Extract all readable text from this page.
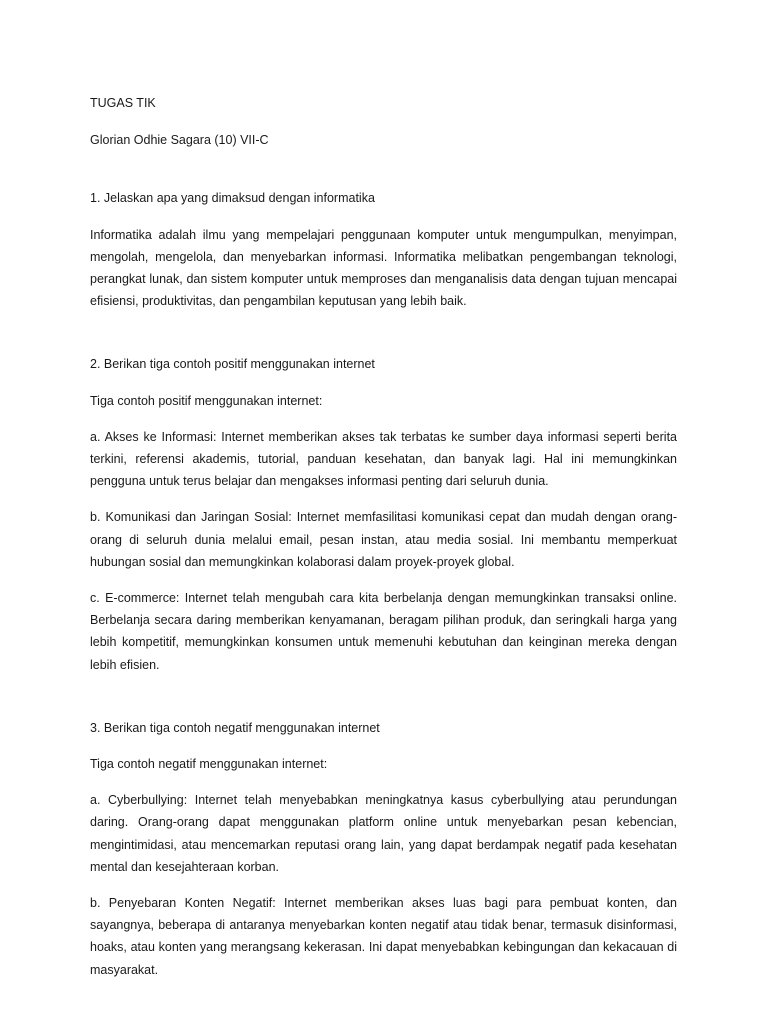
TUGAS TIK

Glorian Odhie Sagara (10) VII-C

1. Jelaskan apa yang dimaksud dengan informatika

Informatika adalah ilmu yang mempelajari penggunaan komputer untuk mengumpulkan, menyimpan, mengolah, mengelola, dan menyebarkan informasi. Informatika melibatkan pengembangan teknologi, perangkat lunak, dan sistem komputer untuk memproses dan menganalisis data dengan tujuan mencapai efisiensi, produktivitas, dan pengambilan keputusan yang lebih baik.

2. Berikan tiga contoh positif menggunakan internet

Tiga contoh positif menggunakan internet:

a. Akses ke Informasi: Internet memberikan akses tak terbatas ke sumber daya informasi seperti berita terkini, referensi akademis, tutorial, panduan kesehatan, dan banyak lagi. Hal ini memungkinkan pengguna untuk terus belajar dan mengakses informasi penting dari seluruh dunia.

b. Komunikasi dan Jaringan Sosial: Internet memfasilitasi komunikasi cepat dan mudah dengan orang-orang di seluruh dunia melalui email, pesan instan, atau media sosial. Ini membantu memperkuat hubungan sosial dan memungkinkan kolaborasi dalam proyek-proyek global.

c. E-commerce: Internet telah mengubah cara kita berbelanja dengan memungkinkan transaksi online. Berbelanja secara daring memberikan kenyamanan, beragam pilihan produk, dan seringkali harga yang lebih kompetitif, memungkinkan konsumen untuk memenuhi kebutuhan dan keinginan mereka dengan lebih efisien.

3. Berikan tiga contoh negatif menggunakan internet

Tiga contoh negatif menggunakan internet:

a. Cyberbullying: Internet telah menyebabkan meningkatnya kasus cyberbullying atau perundungan daring. Orang-orang dapat menggunakan platform online untuk menyebarkan pesan kebencian, mengintimidasi, atau mencemarkan reputasi orang lain, yang dapat berdampak negatif pada kesehatan mental dan kesejahteraan korban.

b. Penyebaran Konten Negatif: Internet memberikan akses luas bagi para pembuat konten, dan sayangnya, beberapa di antaranya menyebarkan konten negatif atau tidak benar, termasuk disinformasi, hoaks, atau konten yang merangsang kekerasan. Ini dapat menyebabkan kebingungan dan kekacauan di masyarakat.
